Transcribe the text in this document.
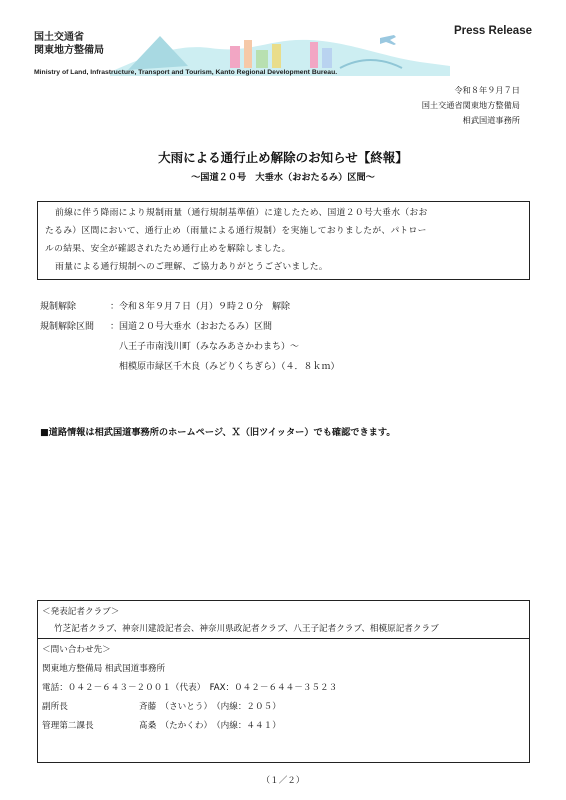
国土交通省
関東地方整備局
Press Release
Ministry of Land, Infrastructure, Transport and Tourism, Kanto Regional Development Bureau.
令和８年９月７日
国土交通省関東地方整備局
相武国道事務所
大雨による通行止め解除のお知らせ【終報】
～国道２０号　大垂水（おおたるみ）区間～

前線に伴う降雨により規制雨量（通行規制基準値）に達したため、国道２０号大垂水（おお

たるみ）区間において、通行止め（雨量による通行規制）を実施しておりましたが、パトロー

ルの結果、安全が確認されたため通行止めを解除しました。

雨量による通行規制へのご理解、ご協力ありがとうございました。

規制解除	：令和８年９月７日（月）９時２０分　解除
規制解除区間 ：国道２０号大垂水（おおたるみ）区間
八王子市南浅川町（みなみあさかわまち）～
相模原市緑区千木良（みどりくちぎら）（４．８ｋｍ）
■道路情報は相武国道事務所のホームページ、Ｘ（旧ツイッター）でも確認できます。
＜発表記者クラブ＞
竹芝記者クラブ、神奈川建設記者会、神奈川県政記者クラブ、八王子記者クラブ、相模原記者クラブ
＜問い合わせ先＞
関東地方整備局 相武国道事務所
電話：０４２－６４３－２００１（代表）　FAX：０４２－６４４－３５２３
副所長	斉藤　（さいとう）　（内線：２０５）
管理第二課長	髙桑　（たかくわ）　（内線：４４１）
（１／２）
